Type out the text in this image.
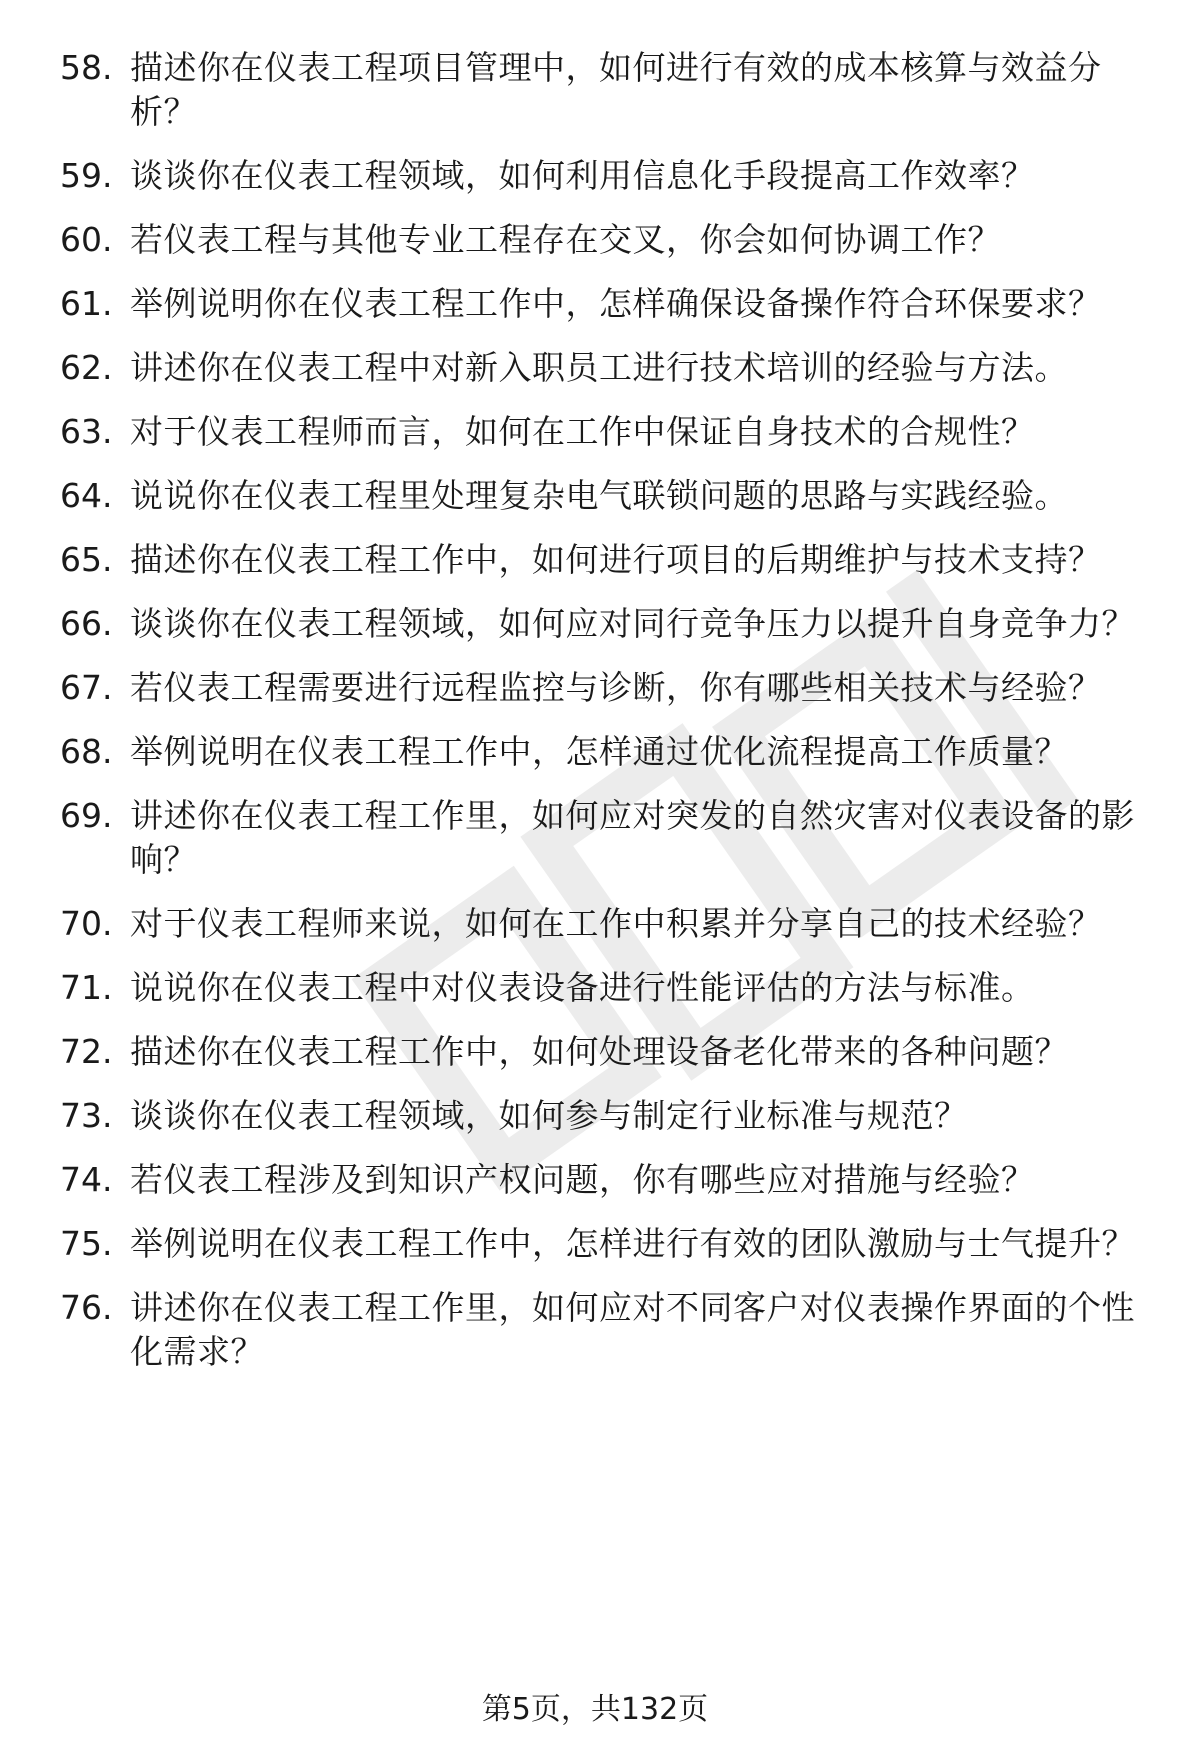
58. 描述你在仪表工程项目管理中，如何进行有效的成本核算与效益分析？
59. 谈谈你在仪表工程领域，如何利用信息化手段提高工作效率？
60. 若仪表工程与其他专业工程存在交叉，你会如何协调工作？
61. 举例说明你在仪表工程工作中，怎样确保设备操作符合环保要求？
62. 讲述你在仪表工程中对新入职员工进行技术培训的经验与方法。
63. 对于仪表工程师而言，如何在工作中保证自身技术的合规性？
64. 说说你在仪表工程里处理复杂电气联锁问题的思路与实践经验。
65. 描述你在仪表工程工作中，如何进行项目的后期维护与技术支持？
66. 谈谈你在仪表工程领域，如何应对同行竞争压力以提升自身竞争力？
67. 若仪表工程需要进行远程监控与诊断，你有哪些相关技术与经验？
68. 举例说明在仪表工程工作中，怎样通过优化流程提高工作质量？
69. 讲述你在仪表工程工作里，如何应对突发的自然灾害对仪表设备的影响？
70. 对于仪表工程师来说，如何在工作中积累并分享自己的技术经验？
71. 说说你在仪表工程中对仪表设备进行性能评估的方法与标准。
72. 描述你在仪表工程工作中，如何处理设备老化带来的各种问题？
73. 谈谈你在仪表工程领域，如何参与制定行业标准与规范？
74. 若仪表工程涉及到知识产权问题，你有哪些应对措施与经验？
75. 举例说明在仪表工程工作中，怎样进行有效的团队激励与士气提升？
76. 讲述你在仪表工程工作里，如何应对不同客户对仪表操作界面的个性化需求？
第5页，共132页
